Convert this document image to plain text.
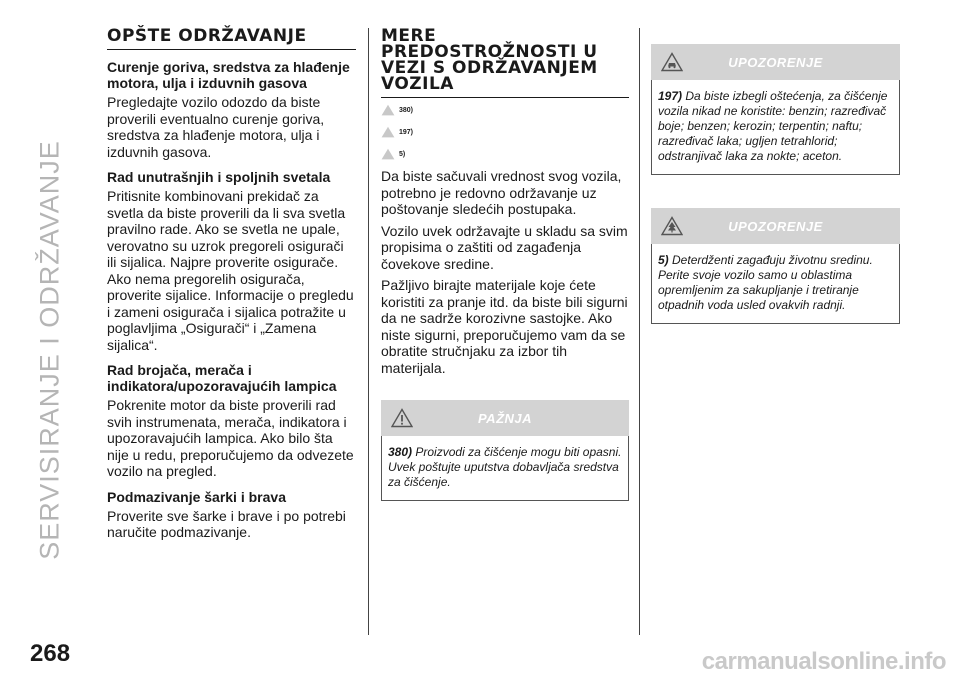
SERVISIRANJE I ODRŽAVANJE
OPŠTE ODRŽAVANJE
Curenje goriva, sredstva za hlađenje motora, ulja i izduvnih gasova
Pregledajte vozilo odozdo da biste proverili eventualno curenje goriva, sredstva za hlađenje motora, ulja i izduvnih gasova.
Rad unutrašnjih i spoljnih svetala
Pritisnite kombinovani prekidač za svetla da biste proverili da li sva svetla pravilno rade. Ako se svetla ne upale, verovatno su uzrok pregoreli osigurači ili sijalica. Najpre proverite osigurače. Ako nema pregorelih osigurača, proverite sijalice. Informacije o pregledu i zameni osigurača i sijalica potražite u poglavljima „Osigurači“ i „Zamena sijalica“.
Rad brojača, merača i indikatora/upozoravajućih lampica
Pokrenite motor da biste proverili rad svih instrumenata, merača, indikatora i upozoravajućih lampica. Ako bilo šta nije u redu, preporučujemo da odvezete vozilo na pregled.
Podmazivanje šarki i brava
Proverite sve šarke i brave i po potrebi naručite podmazivanje.
MERE PREDOSTROŽNOSTI U VEZI S ODRŽAVANJEM VOZILA
380)
197)
5)
Da biste sačuvali vrednost svog vozila, potrebno je redovno održavanje uz poštovanje sledećih postupaka.
Vozilo uvek održavajte u skladu sa svim propisima o zaštiti od zagađenja čovekove sredine.
Pažljivo birajte materijale koje ćete koristiti za pranje itd. da biste bili sigurni da ne sadrže korozivne sastojke. Ako niste sigurni, preporučujemo vam da se obratite stručnjaku za izbor tih materijala.
PAŽNJA
380) Proizvodi za čišćenje mogu biti opasni. Uvek poštujte uputstva dobavljača sredstva za čišćenje.
UPOZORENJE
197) Da biste izbegli oštećenja, za čišćenje vozila nikad ne koristite: benzin; razređivač boje; benzen; kerozin; terpentin; naftu; razređivač laka; ugljen tetrahlorid; odstranjivač laka za nokte; aceton.
UPOZORENJE
5) Deterdženti zagađuju životnu sredinu. Perite svoje vozilo samo u oblastima opremljenim za sakupljanje i tretiranje otpadnih voda usled ovakvih radnji.
268	carmanualsonline.info
